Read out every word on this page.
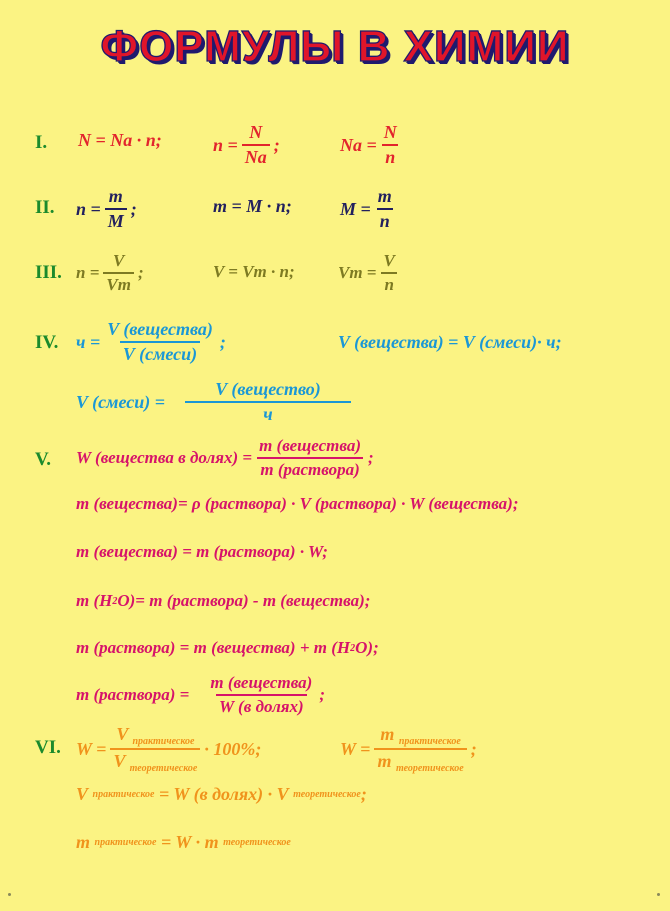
ФОРМУЛЫ В ХИМИИ
I. N = Na · n;	$n = \frac{N}{Na}$ ;	$Na = \frac{N}{n}$
II. $n = \frac{m}{M}$ ;	m = M · n;	$M = \frac{m}{n}$
III. $n = \frac{V}{Vm}$ ;	V = Vm · n;	$Vm = \frac{V}{n}$
IV. $ч = \frac{\text{V (вещества)}}{\text{V (смеси)}}$ ;	V (вещества) = V (смеси)· ч;
V (смеси) = $\frac{\text{V (вещество)}}{ч}$
V. W (вещества в долях) = $\frac{\text{m (вещества)}}{\text{m (раствора)}}$ ;
m (вещества)= ρ (раствора) · V (раствора) · W (вещества);
m (вещества) = m (раствора) · W;
m (H 2 O)= m (раствора) - m (вещества);
m (раствора) = m (вещества) + m (H 2 O);
m (раствора) = $\frac{\text{m (вещества)}}{\text{W (в долях)}}$ ;
VI. $W = \frac{V _{практическое}}{V _{теоретическое}} \cdot 100\%$;	$W = \frac{m _{практическое}}{m _{теоретическое}}$ ;
V
практическое
= W (в долях) · V
теоретическое ;
m
практическое
= W · m
теоретическое
